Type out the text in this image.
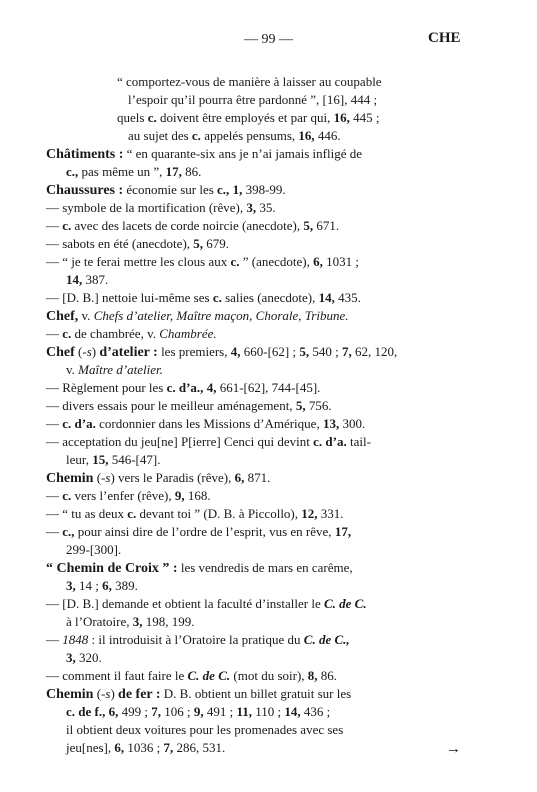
— 99 —	CHE
“ comportez-vous de manière à laisser au coupable
l’espoir qu’il pourra être pardonné ”, [16], 444 ;
quels c. doivent être employés et par qui, 16, 445 ;
au sujet des c. appelés pensums, 16, 446.
Châtiments : “ en quarante-six ans je n’ai jamais infligé de
c., pas même un ”, 17, 86.
Chaussures : économie sur les c., 1, 398-99.
— symbole de la mortification (rêve), 3, 35.
— c. avec des lacets de corde noircie (anecdote), 5, 671.
— sabots en été (anecdote), 5, 679.
— “ je te ferai mettre les clous aux c. ” (anecdote), 6, 1031 ;
14, 387.
— [D. B.] nettoie lui-même ses c. salies (anecdote), 14, 435.
Chef, v. Chefs d’atelier, Maître maçon, Chorale, Tribune.
— c. de chambrée, v. Chambrée.
Chef (-s) d’atelier : les premiers, 4, 660-[62] ; 5, 540 ; 7, 62, 120,
v. Maître d’atelier.
— Règlement pour les c. d’a., 4, 661-[62], 744-[45].
— divers essais pour le meilleur aménagement, 5, 756.
— c. d’a. cordonnier dans les Missions d’Amérique, 13, 300.
— acceptation du jeu[ne] P[ierre] Cenci qui devint c. d’a. tail-
leur, 15, 546-[47].
Chemin (-s) vers le Paradis (rêve), 6, 871.
— c. vers l’enfer (rêve), 9, 168.
— “ tu as deux c. devant toi ” (D. B. à Piccollo), 12, 331.
— c., pour ainsi dire de l’ordre de l’esprit, vus en rêve, 17,
299-[300].
“ Chemin de Croix ” : les vendredis de mars en carême,
3, 14 ; 6, 389.
— [D. B.] demande et obtient la faculté d’installer le C. de C.
à l’Oratoire, 3, 198, 199.
— 1848 : il introduisit à l’Oratoire la pratique du C. de C.,
3, 320.
— comment il faut faire le C. de C. (mot du soir), 8, 86.
Chemin (-s) de fer : D. B. obtient un billet gratuit sur les
c. de f., 6, 499 ; 7, 106 ; 9, 491 ; 11, 110 ; 14, 436 ;
il obtient deux voitures pour les promenades avec ses
jeu[nes], 6, 1036 ; 7, 286, 531.	→
